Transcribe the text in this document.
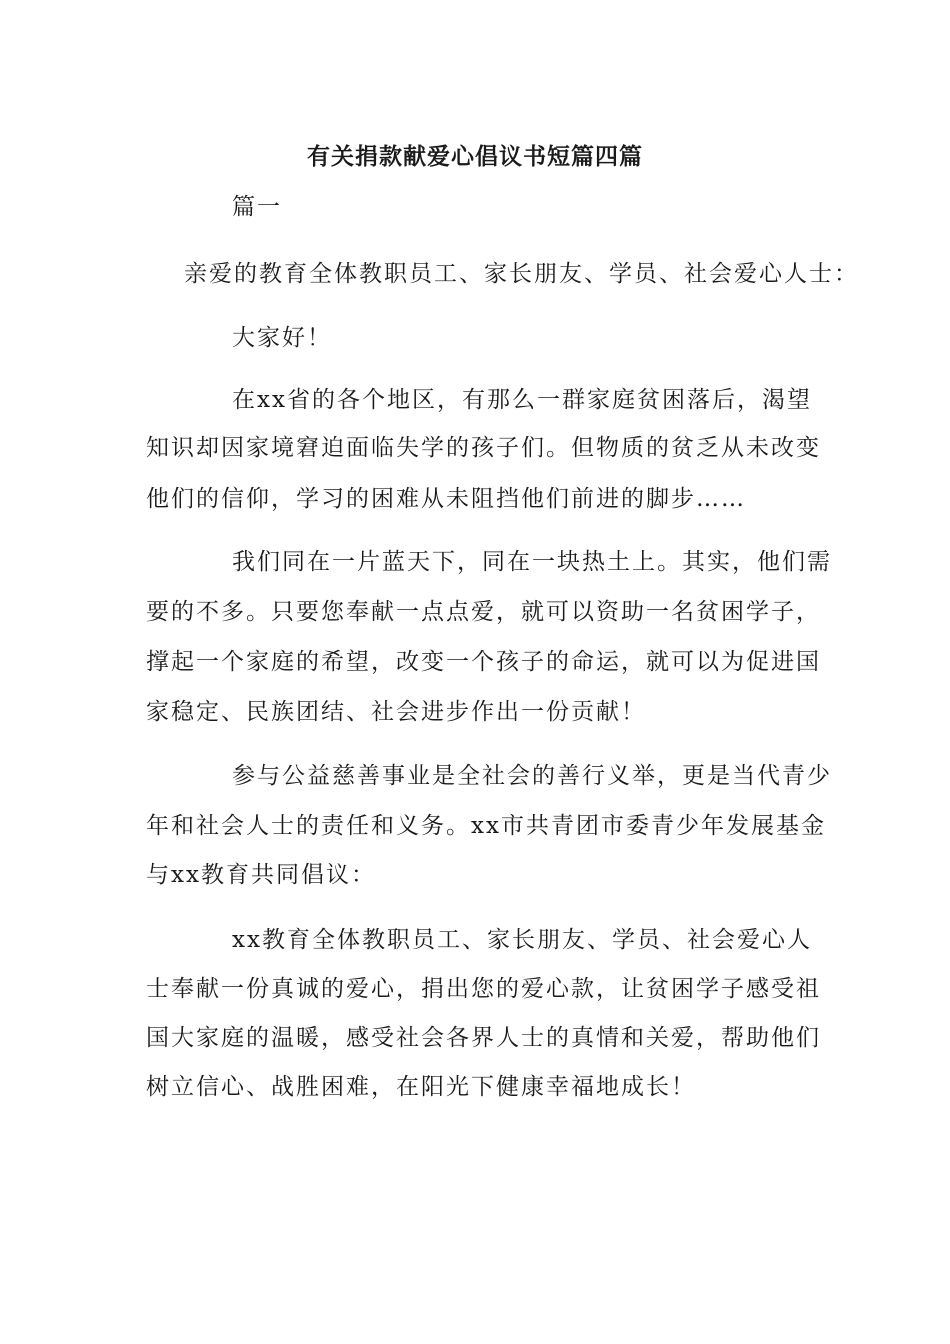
有关捐款献爱心倡议书短篇四篇
篇一
亲爱的教育全体教职员工、家长朋友、学员、社会爱心人士：
大家好！
在xx省的各个地区，有那么一群家庭贫困落后，渴望
知识却因家境窘迫面临失学的孩子们。但物质的贫乏从未改变
他们的信仰，学习的困难从未阻挡他们前进的脚步……
我们同在一片蓝天下，同在一块热土上。其实，他们需
要的不多。只要您奉献一点点爱，就可以资助一名贫困学子，
撑起一个家庭的希望，改变一个孩子的命运，就可以为促进国
家稳定、民族团结、社会进步作出一份贡献！
参与公益慈善事业是全社会的善行义举，更是当代青少
年和社会人士的责任和义务。xx市共青团市委青少年发展基金
与xx教育共同倡议：
xx教育全体教职员工、家长朋友、学员、社会爱心人
士奉献一份真诚的爱心，捐出您的爱心款，让贫困学子感受祖
国大家庭的温暖，感受社会各界人士的真情和关爱，帮助他们
树立信心、战胜困难，在阳光下健康幸福地成长！
